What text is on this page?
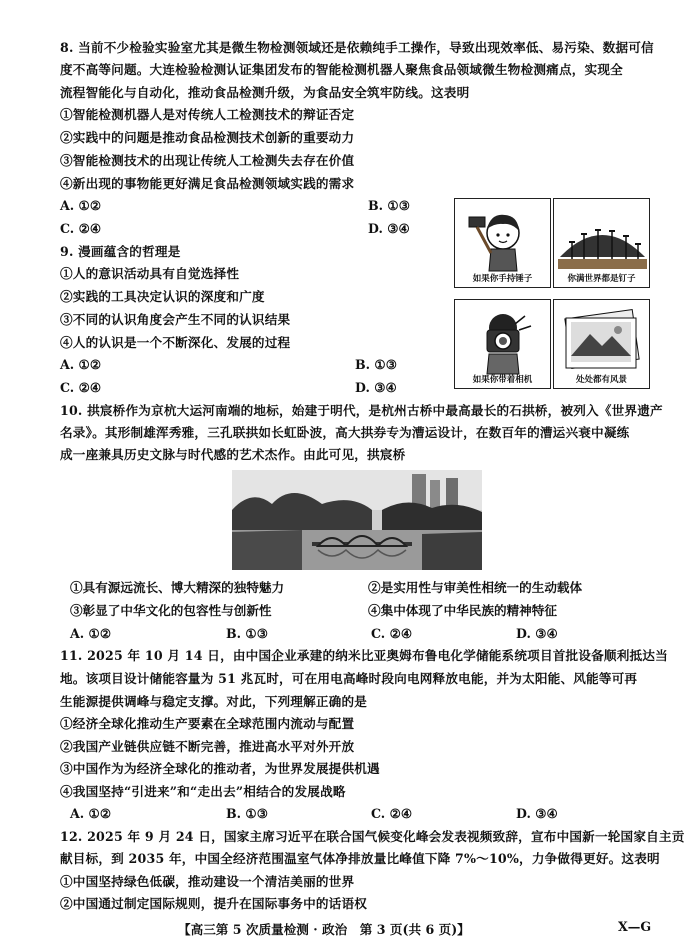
8. 当前不少检验实验室尤其是微生物检测领域还是依赖纯手工操作，导致出现效率低、易污染、数据可信
度不高等问题。大连检验检测认证集团发布的智能检测机器人聚焦食品领域微生物检测痛点，实现全
流程智能化与自动化，推动食品检测升级，为食品安全筑牢防线。这表明
①智能检测机器人是对传统人工检测技术的辩证否定
②实践中的问题是推动食品检测技术创新的重要动力
③智能检测技术的出现让传统人工检测失去存在价值
④新出现的事物能更好满足食品检测领域实践的需求
A. ①②	B. ①③
C. ②④	D. ③④
9. 漫画蕴含的哲理是
①人的意识活动具有自觉选择性
②实践的工具决定认识的深度和广度
③不同的认识角度会产生不同的认识结果
④人的认识是一个不断深化、发展的过程
A. ①②	B. ①③
C. ②④	D. ③④
如果你手持锤子	你满世界都是钉子
如果你带着相机	处处都有风景
10. 拱宸桥作为京杭大运河南端的地标，始建于明代，是杭州古桥中最高最长的石拱桥，被列入《世界遗产
名录》。其形制雄浑秀雅，三孔联拱如长虹卧波，高大拱券专为漕运设计，在数百年的漕运兴衰中凝练
成一座兼具历史文脉与时代感的艺术杰作。由此可见，拱宸桥
①具有源远流长、博大精深的独特魅力	②是实用性与审美性相统一的生动载体
③彰显了中华文化的包容性与创新性	④集中体现了中华民族的精神特征
A. ①②	B. ①③	C. ②④	D. ③④
11. 2025 年 10 月 14 日，由中国企业承建的纳米比亚奥姆布鲁电化学储能系统项目首批设备顺利抵达当
地。该项目设计储能容量为 51 兆瓦时，可在用电高峰时段向电网释放电能，并为太阳能、风能等可再
生能源提供调峰与稳定支撑。对此，下列理解正确的是
①经济全球化推动生产要素在全球范围内流动与配置
②我国产业链供应链不断完善，推进高水平对外开放
③中国作为为经济全球化的推动者，为世界发展提供机遇
④我国坚持“引进来”和“走出去”相结合的发展战略
A. ①②	B. ①③	C. ②④	D. ③④
12. 2025 年 9 月 24 日，国家主席习近平在联合国气候变化峰会发表视频致辞，宣布中国新一轮国家自主贡
献目标，到 2035 年，中国全经济范围温室气体净排放量比峰值下降 7%～10%，力争做得更好。这表明
①中国坚持绿色低碳，推动建设一个清洁美丽的世界
②中国通过制定国际规则，提升在国际事务中的话语权
【高三第 5 次质量检测 · 政治　第 3 页(共 6 页)】	X—G
